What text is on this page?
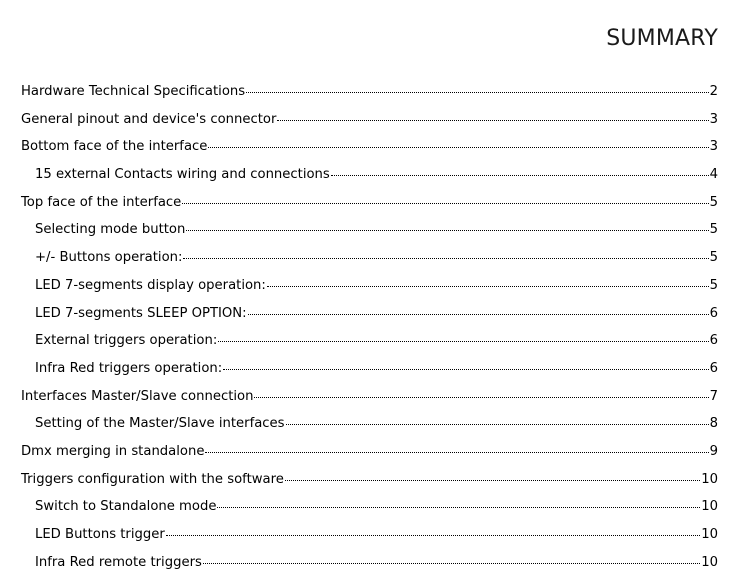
SUMMARY
Hardware Technical Specifications	2
General pinout and device's connector	3
Bottom face of the interface	3
15 external Contacts wiring and connections	4
Top face of the interface	5
Selecting mode button	5
+/- Buttons operation:	5
LED 7-segments display operation:	5
LED 7-segments SLEEP OPTION:	6
External triggers operation:	6
Infra Red triggers operation:	6
Interfaces Master/Slave connection	7
Setting of the Master/Slave interfaces	8
Dmx merging in standalone	9
Triggers configuration with the software	10
Switch to Standalone mode	10
LED Buttons trigger	10
Infra Red remote triggers	10
